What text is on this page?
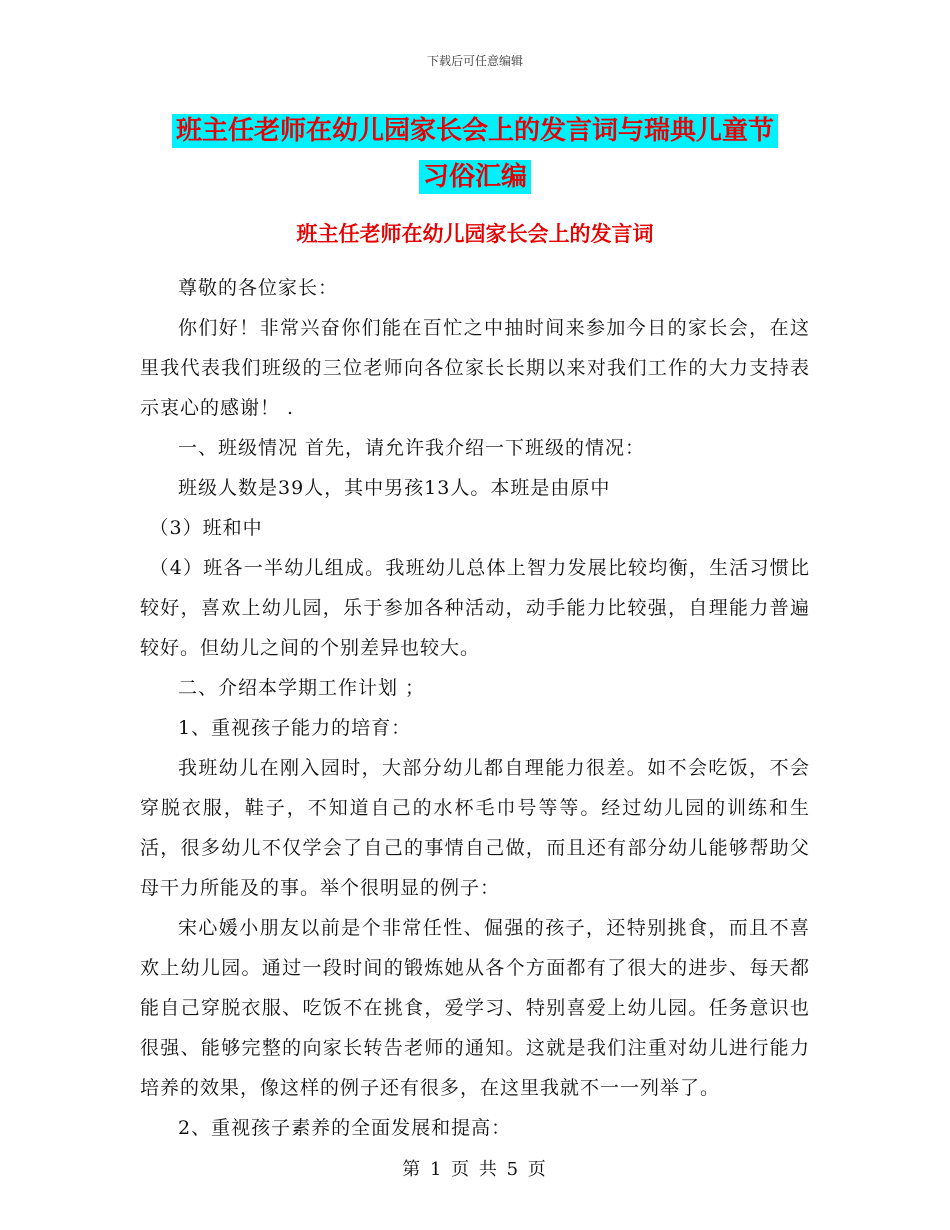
下载后可任意编辑
班主任老师在幼儿园家长会上的发言词与瑞典儿童节
习俗汇编
班主任老师在幼儿园家长会上的发言词

尊敬的各位家长：

你们好！非常兴奋你们能在百忙之中抽时间来参加今日的家长会，在这里我代表我们班级的三位老师向各位家长长期以来对我们工作的大力支持表示衷心的感谢！ .

一、班级情况 首先，请允许我介绍一下班级的情况：

班级人数是39人，其中男孩13人。本班是由原中

（3）班和中

（4）班各一半幼儿组成。我班幼儿总体上智力发展比较均衡，生活习惯比较好，喜欢上幼儿园，乐于参加各种活动，动手能力比较强，自理能力普遍较好。但幼儿之间的个别差异也较大。

二、介绍本学期工作计划 ；

1、重视孩子能力的培育：

我班幼儿在刚入园时，大部分幼儿都自理能力很差。如不会吃饭，不会穿脱衣服，鞋子，不知道自己的水杯毛巾号等等。经过幼儿园的训练和生活，很多幼儿不仅学会了自己的事情自己做，而且还有部分幼儿能够帮助父母干力所能及的事。举个很明显的例子：

宋心媛小朋友以前是个非常任性、倔强的孩子，还特别挑食，而且不喜欢上幼儿园。通过一段时间的锻炼她从各个方面都有了很大的进步、每天都能自己穿脱衣服、吃饭不在挑食，爱学习、特别喜爱上幼儿园。任务意识也很强、能够完整的向家长转告老师的通知。这就是我们注重对幼儿进行能力培养的效果，像这样的例子还有很多，在这里我就不一一列举了。

2、重视孩子素养的全面发展和提高：

第 1 页 共 5 页
